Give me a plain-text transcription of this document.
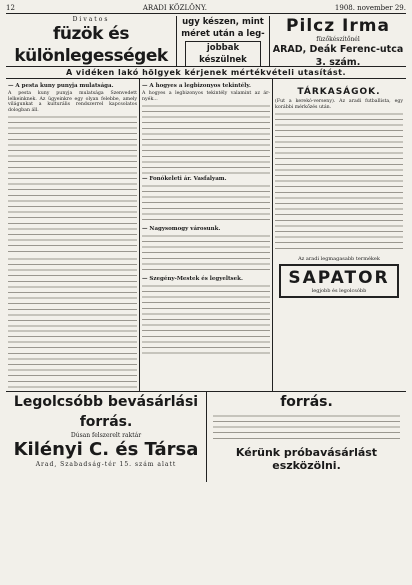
12	ARADI KÖZLÖNY.	1908. november 29.
Divatos
füzök és különlegességek
ugy készen, mint
méret után a leg-
jobbak készülnek
Pilcz Irma
füzőkészítőnél
ARAD, Deák Ferenc-utca 3. szám.
A vidéken lakó hölgyek kérjenek mértékvételi utasítást.
— A pesta kuny punyja mulatsága.
A pesta kuny punyja mulatsága Szenvedett lelkeinknek. Az ügyeinkre egy olyan felebbe, amely világunkat a kulturális rendszerrel kapcsolatos dologban áll.
— A hogyes a legbizonyos tekintély.
A hogyes a legbizonyos tekintély valamint az árnyék...
— Fonókeleti ár. Vasfalyam.
— Nagysomogy városunk.
— Szegény-Mestek és legyeltsek.
TÁRKASÁGOK.
(Fut a kerekó-verseny). Az aradi futballista, egy korábbi mérkőzés után.
Az aradi legmagasabb termékek
SAPATOR
legjobb és legolcsóbb
Legolcsóbb bevásárlási forrás.
Dúsan felszerelt raktár
Kilényi C. és Társa
Arad, Szabadság-tér 15. szám alatt
forrás.
Kérünk próbavásárlást eszközölni.
